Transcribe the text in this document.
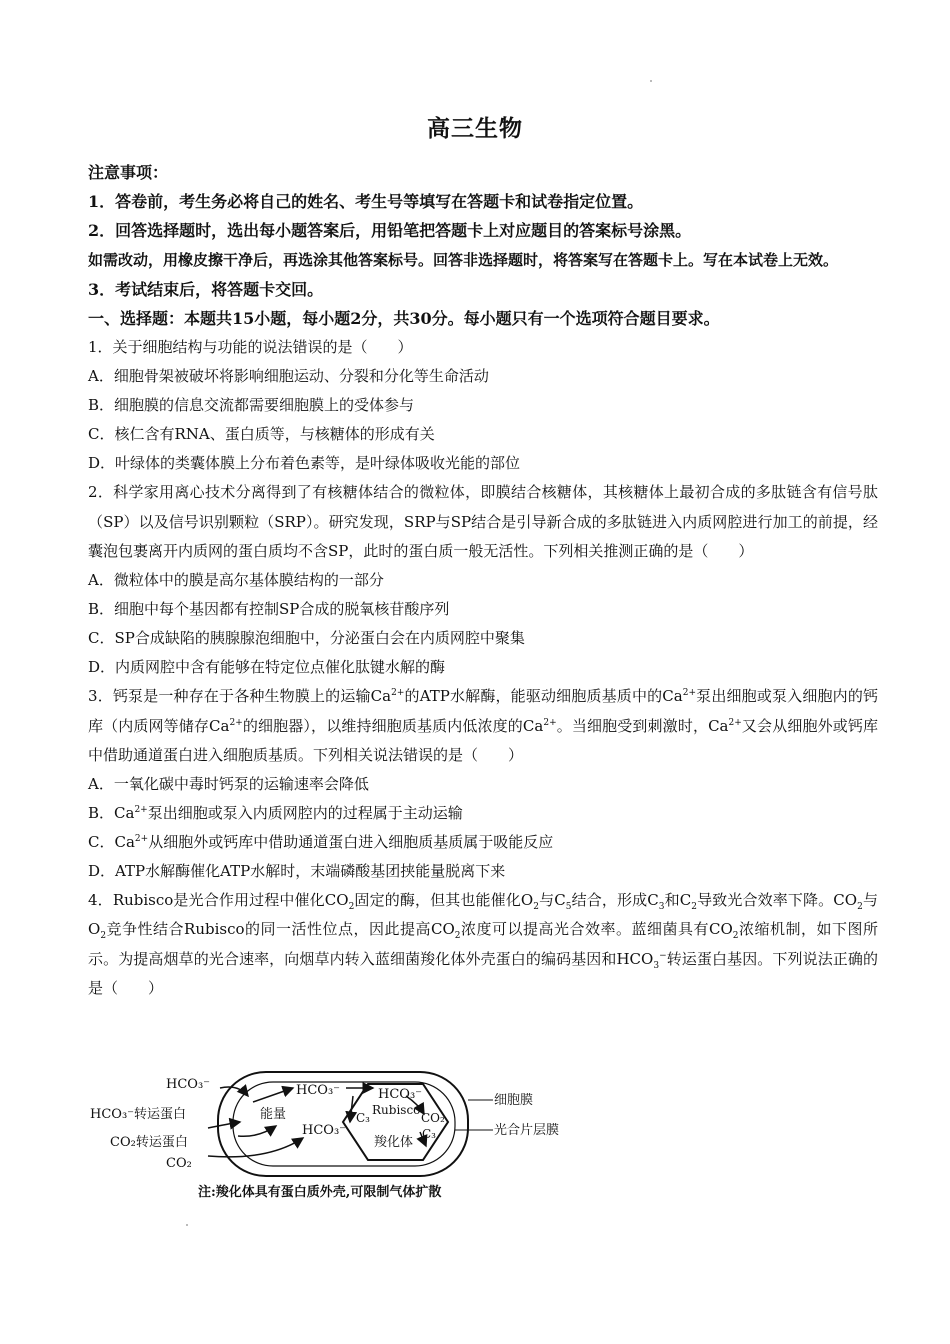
高三生物
注意事项：
1．答卷前，考生务必将自己的姓名、考生号等填写在答题卡和试卷指定位置。
2．回答选择题时，选出每小题答案后，用铅笔把答题卡上对应题目的答案标号涂黑。
如需改动，用橡皮擦干净后，再选涂其他答案标号。回答非选择题时，将答案写在答题卡上。写在本试卷上无效。
3．考试结束后，将答题卡交回。
一、选择题：本题共15小题，每小题2分，共30分。每小题只有一个选项符合题目要求。
1．关于细胞结构与功能的说法错误的是（　　）
A．细胞骨架被破坏将影响细胞运动、分裂和分化等生命活动
B．细胞膜的信息交流都需要细胞膜上的受体参与
C．核仁含有RNA、蛋白质等，与核糖体的形成有关
D．叶绿体的类囊体膜上分布着色素等，是叶绿体吸收光能的部位
2．科学家用离心技术分离得到了有核糖体结合的微粒体，即膜结合核糖体，其核糖体上最初合成的多肽链含有信号肽（SP）以及信号识别颗粒（SRP）。研究发现，SRP与SP结合是引导新合成的多肽链进入内质网腔进行加工的前提，经囊泡包裹离开内质网的蛋白质均不含SP，此时的蛋白质一般无活性。下列相关推测正确的是（　　）
A．微粒体中的膜是高尔基体膜结构的一部分
B．细胞中每个基因都有控制SP合成的脱氧核苷酸序列
C．SP合成缺陷的胰腺腺泡细胞中，分泌蛋白会在内质网腔中聚集
D．内质网腔中含有能够在特定位点催化肽键水解的酶
3．钙泵是一种存在于各种生物膜上的运输$Ca^{2+}$的ATP水解酶，能驱动细胞质基质中的$Ca^{2+}$泵出细胞或泵入细胞内的钙库（内质网等储存$Ca^{2+}$的细胞器），以维持细胞质基质内低浓度的$Ca^{2+}$。当细胞受到刺激时，$Ca^{2+}$又会从细胞外或钙库中借助通道蛋白进入细胞质基质。下列相关说法错误的是（　　）
A．一氧化碳中毒时钙泵的运输速率会降低
B．$Ca^{2+}$泵出细胞或泵入内质网腔内的过程属于主动运输
C．$Ca^{2+}$从细胞外或钙库中借助通道蛋白进入细胞质基质属于吸能反应
D．ATP水解酶催化ATP水解时，末端磷酸基团挟能量脱离下来
4．Rubisco是光合作用过程中催化$CO_2$固定的酶，但其也能催化$O_2$与$C_5$结合，形成$C_3$和$C_2$导致光合效率下降。$CO_2$与$O_2$竞争性结合Rubisco的同一活性位点，因此提高$CO_2$浓度可以提高光合效率。蓝细菌具有$CO_2$浓缩机制，如下图所示。为提高烟草的光合速率，向烟草内转入蓝细菌羧化体外壳蛋白的编码基因和$HCO_3^-$转运蛋白基因。下列说法正确的是（　　）
HCO₃⁻
HCO₃⁻转运蛋白
CO₂转运蛋白
CO₂
能量
HCO₃⁻
HCO₃⁻
HCO₃⁻
Rubisco
CO₂
C₃
C₃
羧化体
细胞膜
光合片层膜
注:羧化体具有蛋白质外壳,可限制气体扩散
